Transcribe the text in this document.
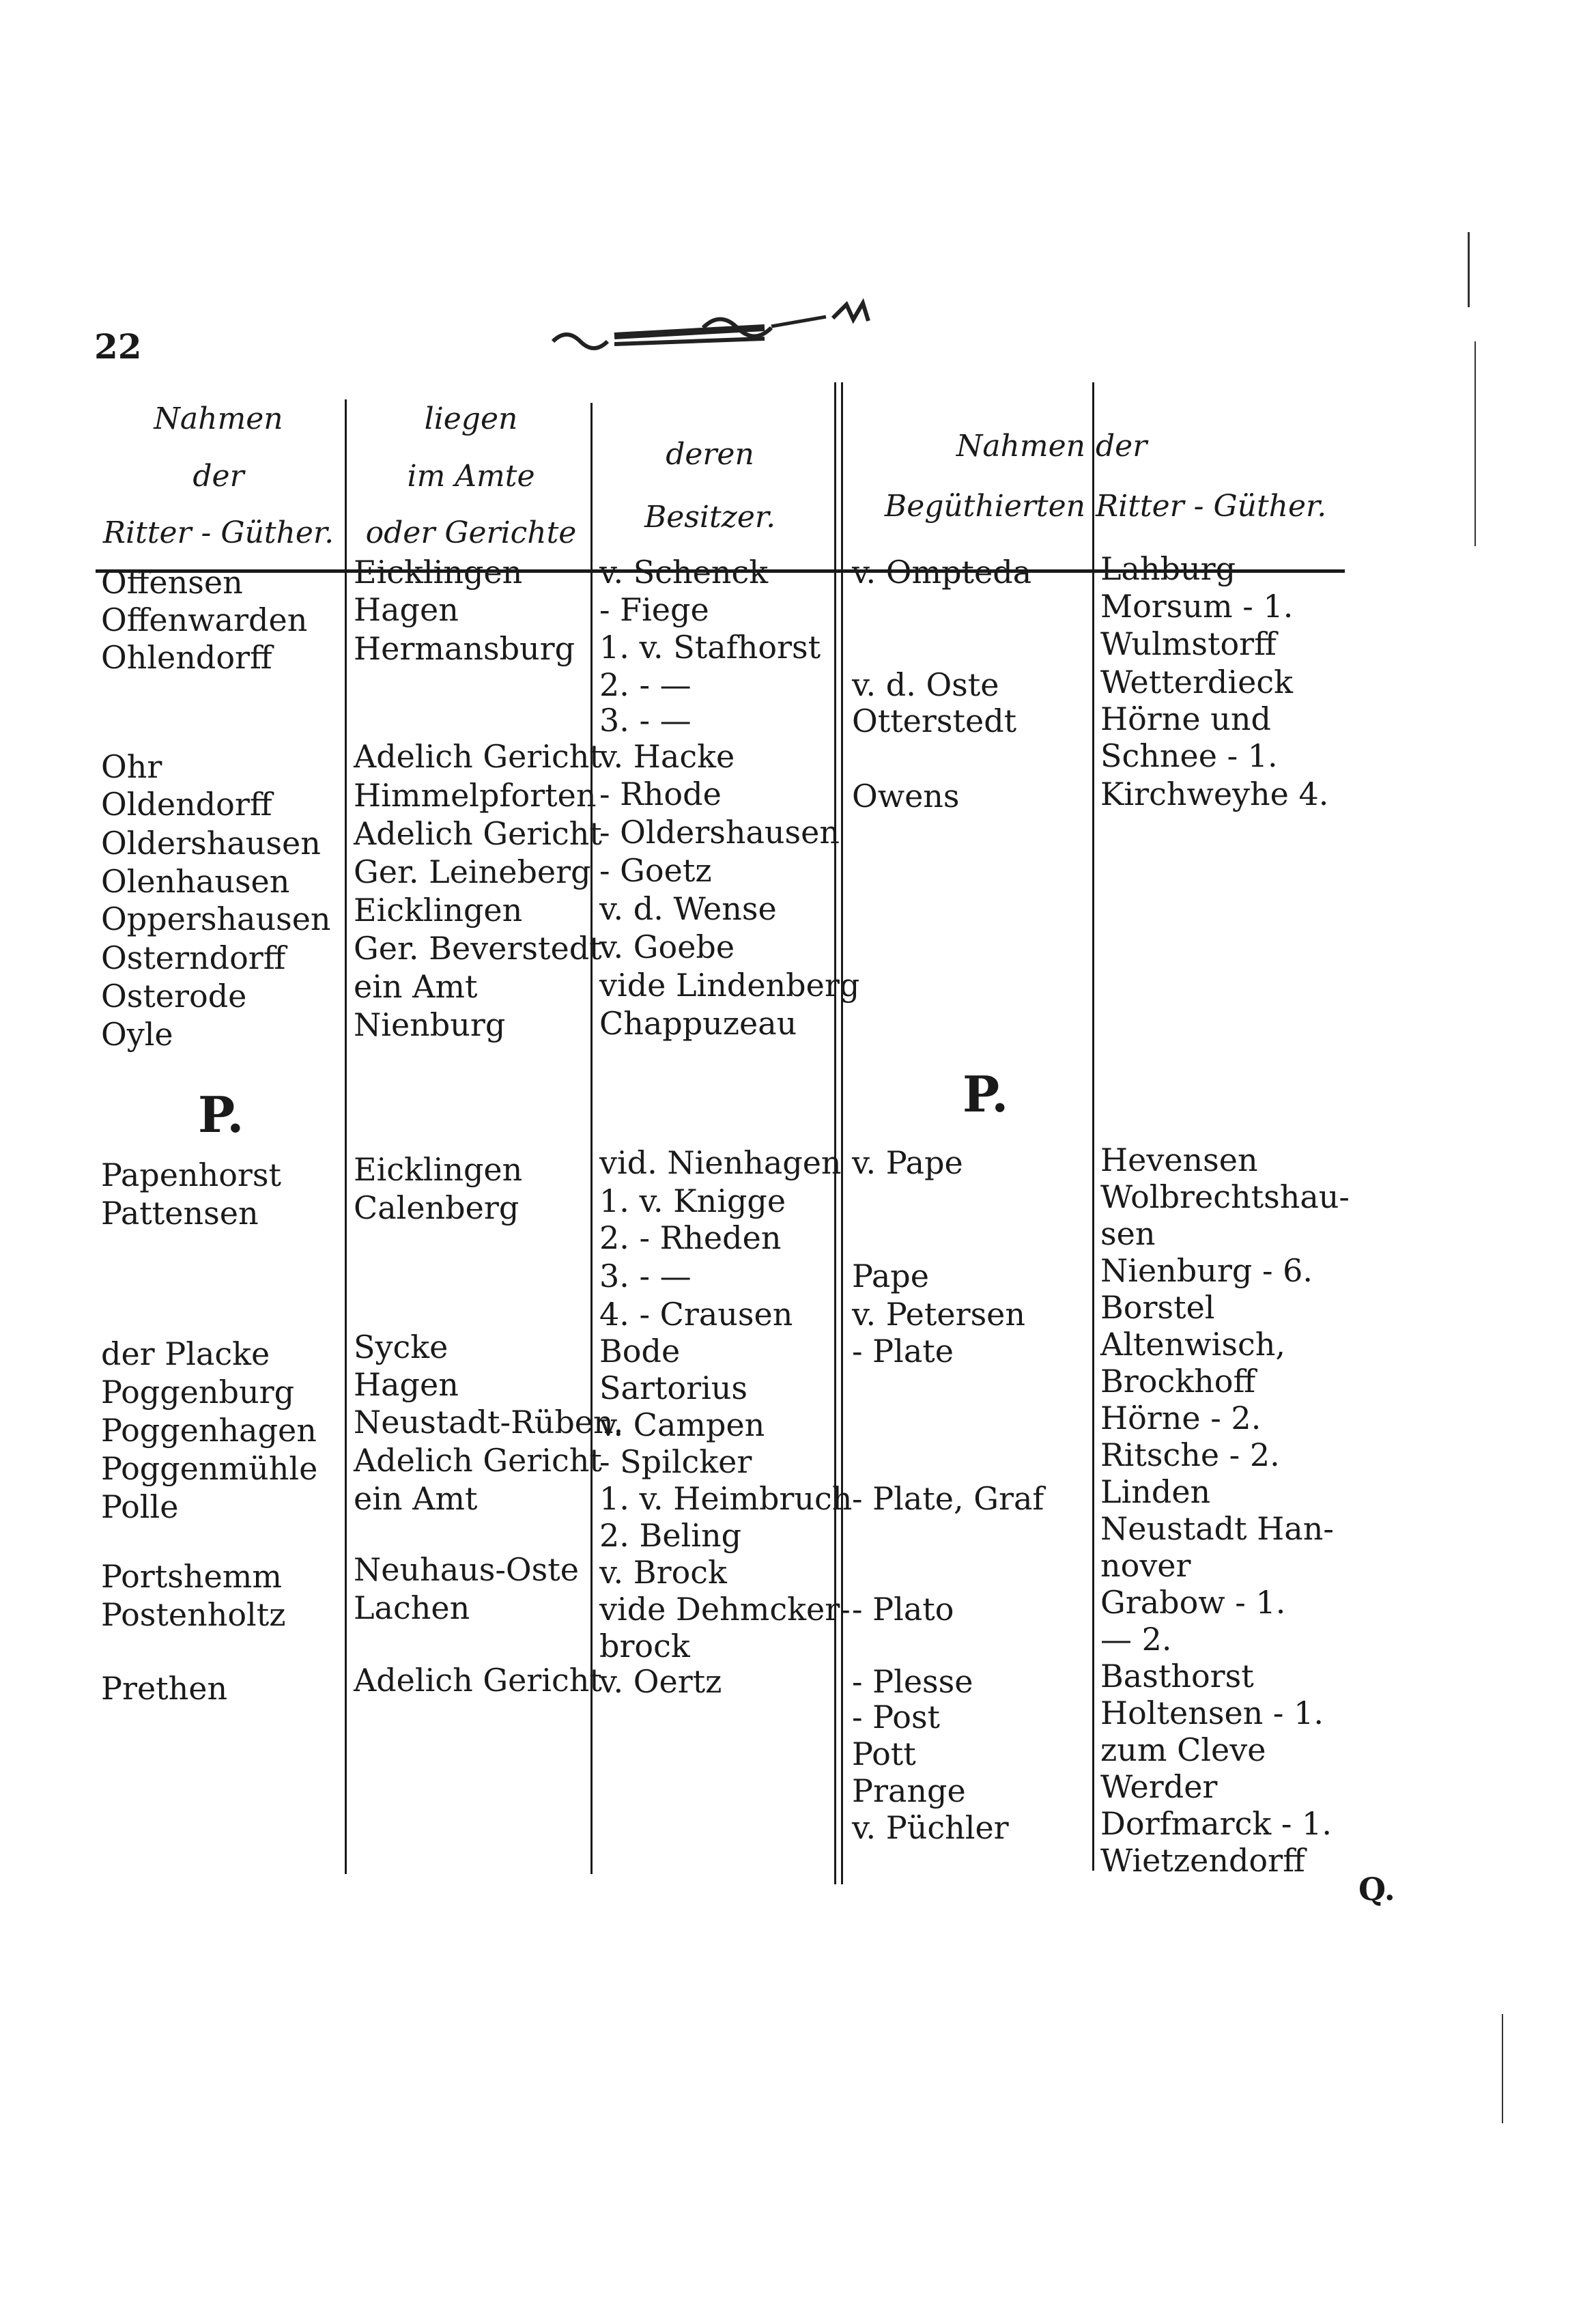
22
Nahmen
der
Ritter - Güther.
liegen
im Amte
oder Gerichte
deren
Besitzer.
Nahmen
Begüthierten
der
Ritter - Güther.
P.	P.
Offensen
Offenwarden
Ohlendorff
Ohr
Oldendorff
Oldershausen
Olenhausen
Oppershausen
Osterndorff
Osterode
Oyle
Papenhorst
Pattensen
der Placke
Poggenburg
Poggenhagen
Poggenmühle
Polle
Portshemm
Postenholtz
Prethen
Eicklingen
Hagen
Hermansburg
Adelich Gericht
Himmelpforten
Adelich Gericht
Ger. Leineberg
Eicklingen
Ger. Beverstedt
ein Amt
Nienburg
Eicklingen
Calenberg
Sycke
Hagen
Neustadt-Rüben.
Adelich Gericht
ein Amt
Neuhaus-Oste
Lachen
Adelich Gericht
v. Schenck
- Fiege
1. v. Stafhorst
2. - —
3. - —
v. Hacke
- Rhode
- Oldershausen
- Goetz
v. d. Wense
v. Goebe
vide Lindenberg
Chappuzeau
vid. Nienhagen
1. v. Knigge
2. - Rheden
3. - —
4. - Crausen
Bode
Sartorius
v. Campen
- Spilcker
1. v. Heimbruch
2. Beling
v. Brock
vide Dehmcker-
brock
v. Oertz
v. Ompteda
v. d. Oste
Otterstedt
Owens
v. Pape
Pape
v. Petersen
- Plate
- Plate, Graf
- Plato
- Plesse
- Post
Pott
Prange
v. Püchler
Lahburg
Morsum - 1.
Wulmstorff
Wetterdieck
Hörne und
Schnee - 1.
Kirchweyhe 4.
Hevensen
Wolbrechtshau-
sen
Nienburg - 6.
Borstel
Altenwisch,
Brockhoff
Hörne - 2.
Ritsche - 2.
Linden
Neustadt Han-
nover
Grabow - 1.
— 2.
Basthorst
Holtensen - 1.
zum Cleve
Werder
Dorfmarck - 1.
Wietzendorff
Q.
